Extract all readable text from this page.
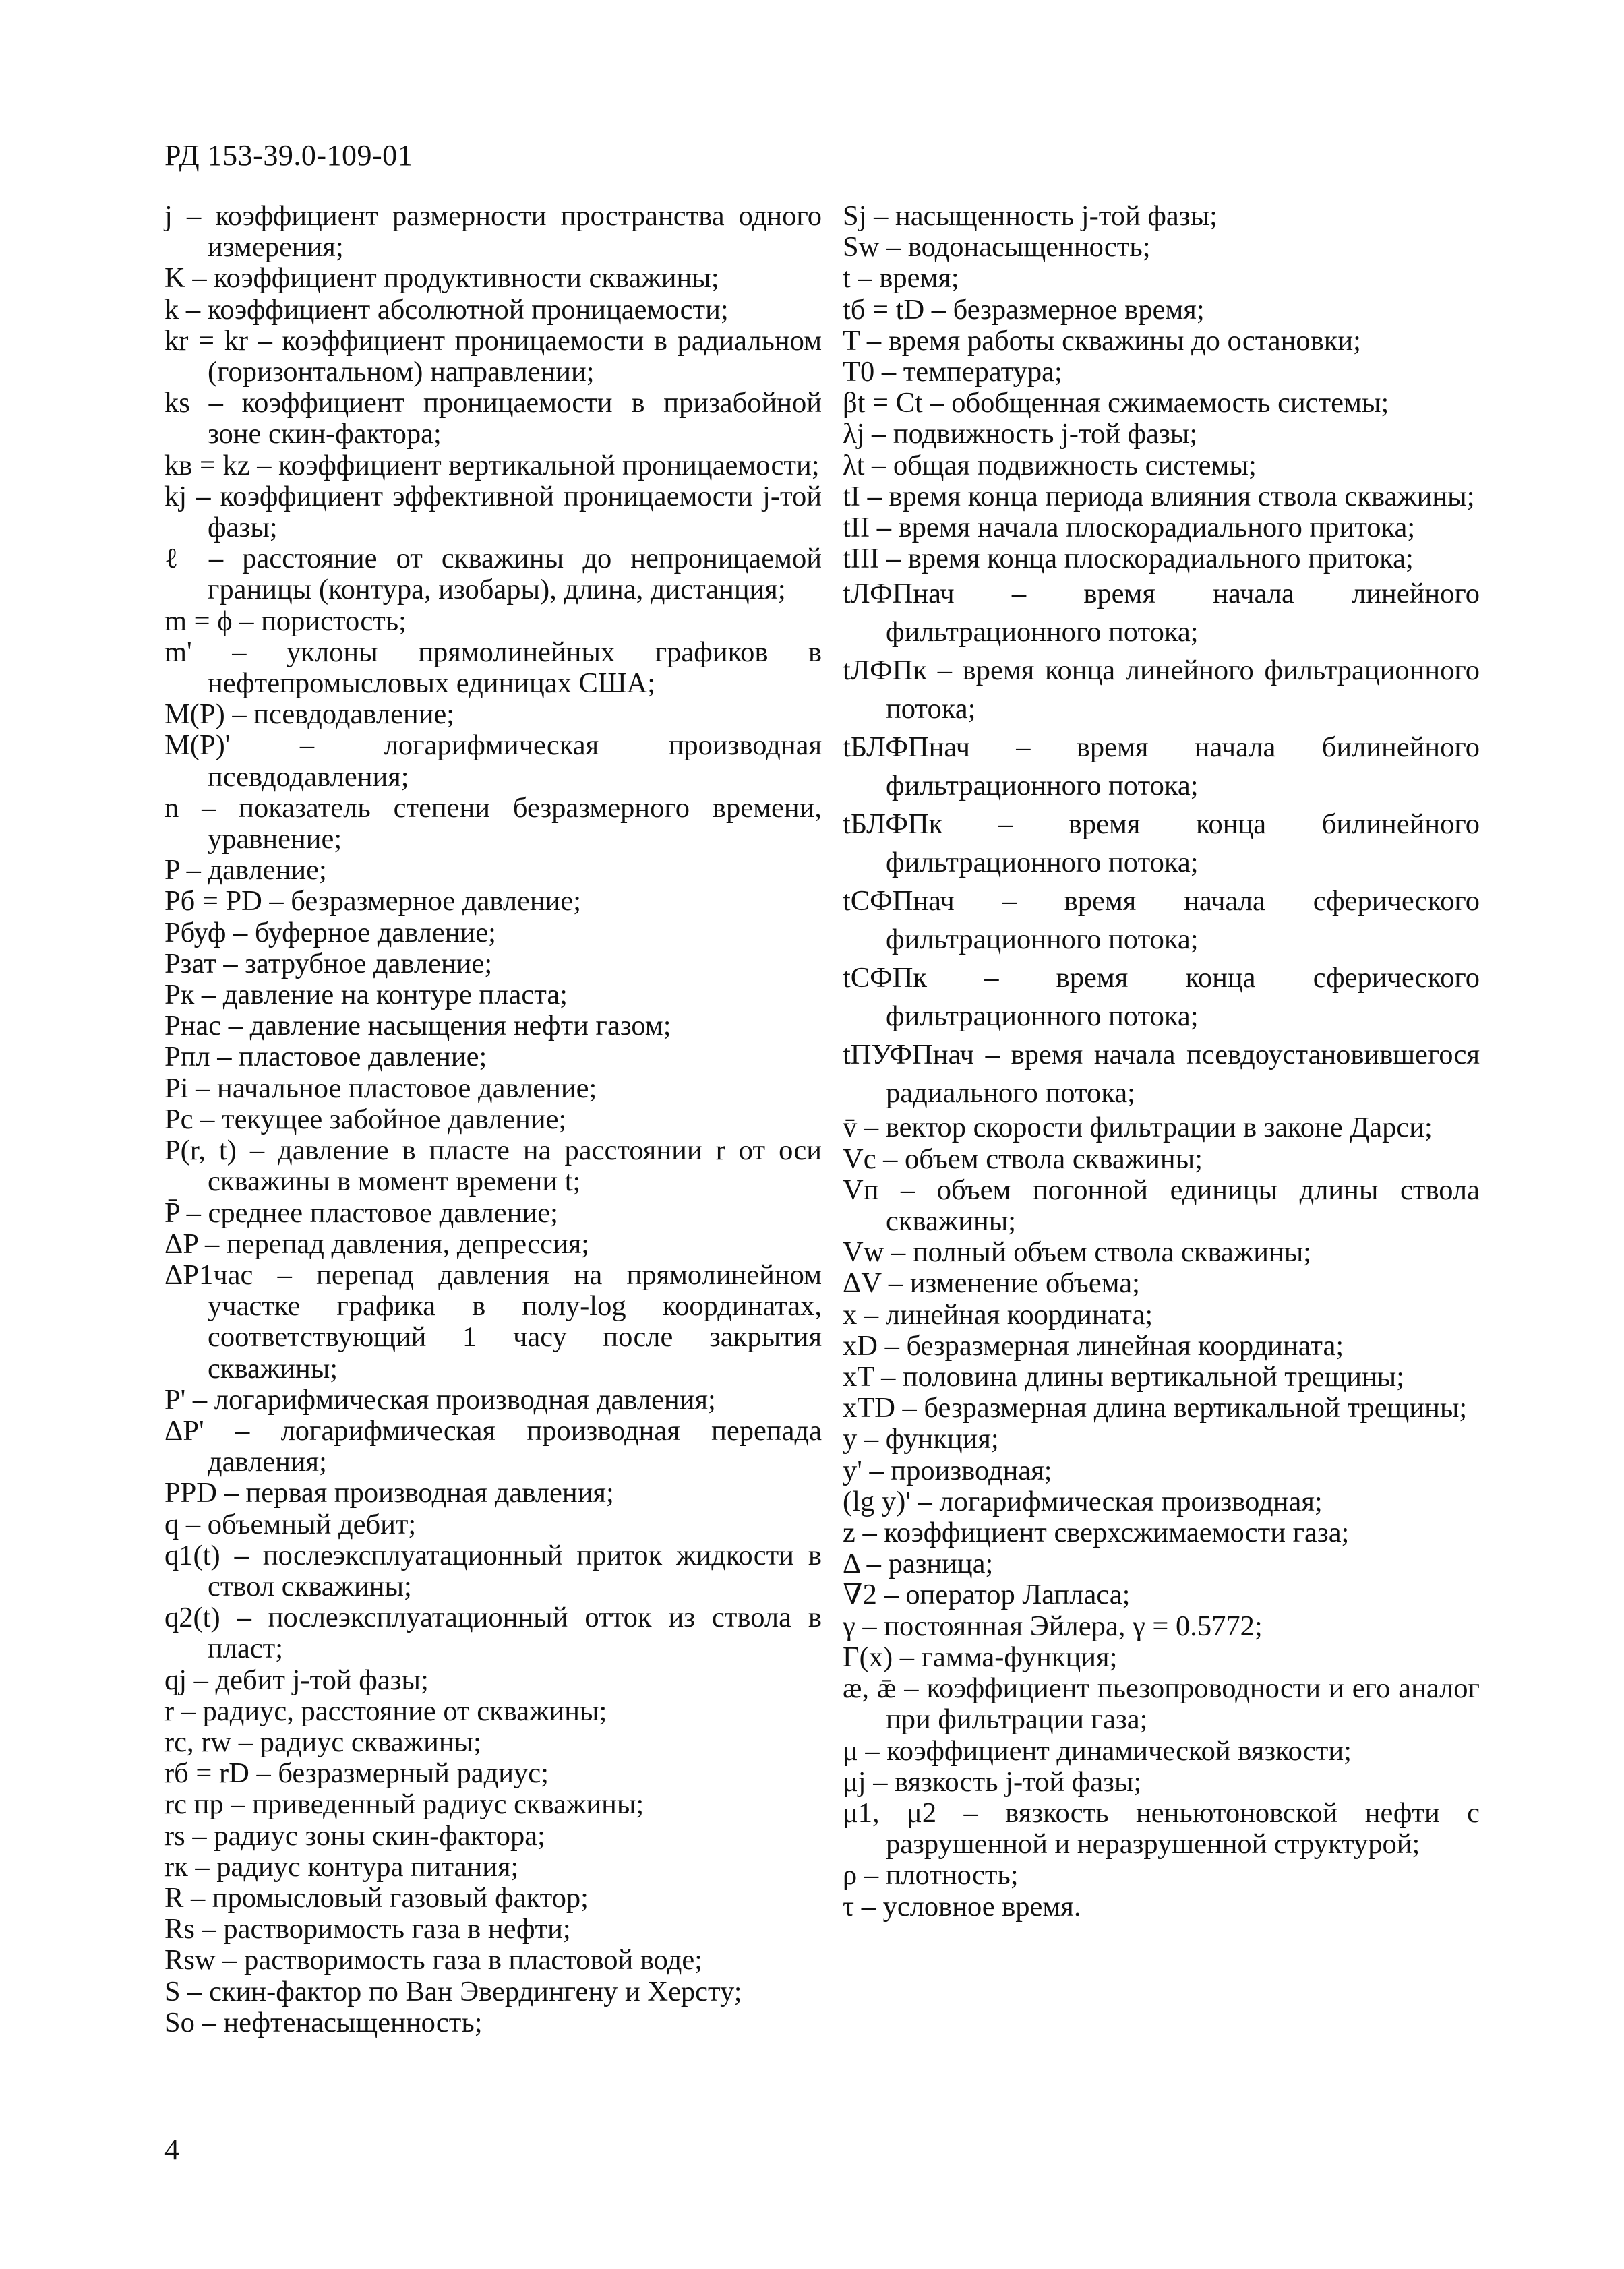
РД 153-39.0-109-01

j – коэффициент размерности пространства одного измерения;

K – коэффициент продуктивности скважины;

k – коэффициент абсолютной проницаемости;

kr = kr – коэффициент проницаемости в радиальном (горизонтальном) направлении;

ks – коэффициент проницаемости в призабойной зоне скин-фактора;

kв = kz – коэффициент вертикальной проницаемости;

kj – коэффициент эффективной проницаемости j-той фазы;

ℓ – расстояние от скважины до непроницаемой границы (контура, изобары), длина, дистанция;

m = ϕ – пористость;

m' – уклоны прямолинейных графиков в нефтепромысловых единицах США;

M(P) – псевдодавление;

M(P)' – логарифмическая производная псевдодавления;

n – показатель степени безразмерного времени, уравнение;

P – давление;

Pб = PD – безразмерное давление;

Pбуф – буферное давление;

Pзат – затрубное давление;

Pк – давление на контуре пласта;

Pнас – давление насыщения нефти газом;

Pпл – пластовое давление;

Pi – начальное пластовое давление;

Pс – текущее забойное давление;

P(r, t) – давление в пласте на расстоянии r от оси скважины в момент времени t;

P̄ – среднее пластовое давление;

ΔP – перепад давления, депрессия;

ΔP1час – перепад давления на прямолинейном участке графика в полу-log координатах, соответствующий 1 часу после закрытия скважины;

P' – логарифмическая производная давления;

ΔP' – логарифмическая производная перепада давления;

PPD – первая производная давления;

q – объемный дебит;

q1(t) – послеэксплуатационный приток жидкости в ствол скважины;

q2(t) – послеэксплуатационный отток из ствола в пласт;

qj – дебит j-той фазы;

r – радиус, расстояние от скважины;

rc, rw – радиус скважины;

rб = rD – безразмерный радиус;

rc пр – приведенный радиус скважины;

rs – радиус зоны скин-фактора;

rк – радиус контура питания;

R – промысловый газовый фактор;

Rs – растворимость газа в нефти;

Rsw – растворимость газа в пластовой воде;

S – скин-фактор по Ван Эвердингену и Херсту;

So – нефтенасыщенность;

Sj – насыщенность j-той фазы;

Sw – водонасыщенность;

t – время;

tб = tD – безразмерное время;

T – время работы скважины до остановки;

T0 – температура;

βt = Ct – обобщенная сжимаемость системы;

λj – подвижность j-той фазы;

λt – общая подвижность системы;

tI – время конца периода влияния ствола скважины;

tII – время начала плоскорадиального притока;

tIII – время конца плоскорадиального притока;

tЛФПнач – время начала линейного фильтрационного потока;

tЛФПк – время конца линейного фильтрационного потока;

tБЛФПнач – время начала билинейного фильтрационного потока;

tБЛФПк – время конца билинейного фильтрационного потока;

tСФПнач – время начала сферического фильтрационного потока;

tСФПк – время конца сферического фильтрационного потока;

tПУФПнач – время начала псевдоустановившегося радиального потока;

v̄ – вектор скорости фильтрации в законе Дарси;

Vc – объем ствола скважины;

Vп – объем погонной единицы длины ствола скважины;

Vw – полный объем ствола скважины;

ΔV – изменение объема;

x – линейная координата;

xD – безразмерная линейная координата;

xT – половина длины вертикальной трещины;

xTD – безразмерная длина вертикальной трещины;

y – функция;

y' – производная;

(lg y)' – логарифмическая производная;

z – коэффициент сверхсжимаемости газа;

Δ – разница;

∇2 – оператор Лапласа;

γ – постоянная Эйлера, γ = 0.5772;

Γ(x) – гамма-функция;

æ, ǣ – коэффициент пьезопроводности и его аналог при фильтрации газа;

μ – коэффициент динамической вязкости;

μj – вязкость j-той фазы;

μ1, μ2 – вязкость неньютоновской нефти с разрушенной и неразрушенной структурой;

ρ – плотность;

τ – условное время.

4
